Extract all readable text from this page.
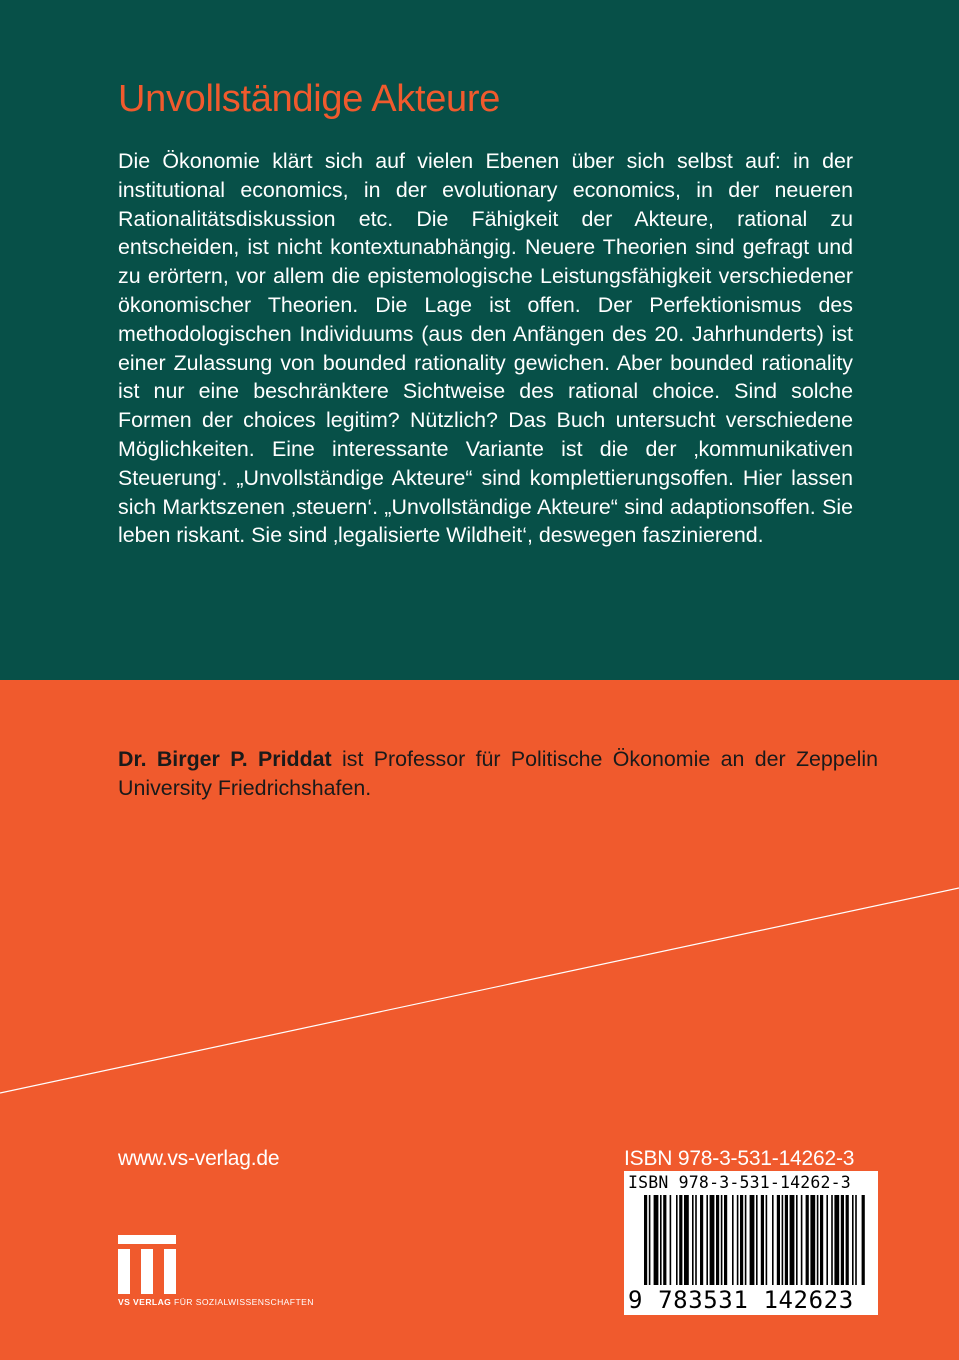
Unvollständige Akteure

Die Ökonomie klärt sich auf vielen Ebenen über sich selbst auf: in der institutional economics, in der evolutionary economics, in der neueren Rationalitätsdiskussion etc. Die Fähigkeit der Akteure, rational zu entscheiden, ist nicht kontextunabhängig. Neuere Theorien sind gefragt und zu erörtern, vor allem die epistemologische Leistungsfähigkeit verschiedener ökonomischer Theorien. Die Lage ist offen. Der Perfektionismus des methodologischen Individuums (aus den Anfängen des 20. Jahrhunderts) ist einer Zulassung von bounded rationality gewichen. Aber bounded rationality ist nur eine beschränktere Sichtweise des rational choice. Sind solche Formen der choices legitim? Nützlich? Das Buch untersucht verschiedene Möglichkeiten. Eine interessante Variante ist die der ‚kommunikativen Steuerung‘. „Unvollständige Akteure“ sind komplettierungsoffen. Hier lassen sich Marktszenen ‚steuern‘. „Unvollständige Akteure“ sind adaptionsoffen. Sie leben riskant. Sie sind ‚legalisierte Wildheit‘, deswegen faszinierend.

Dr. Birger P. Priddat ist Professor für Politische Ökonomie an der Zeppelin University Friedrichshafen.

www.vs-verlag.de	ISBN 978-3-531-14262-3
ISBN 978-3-531-14262-3
9 783531 142623
VS VERLAG FÜR SOZIALWISSENSCHAFTEN
